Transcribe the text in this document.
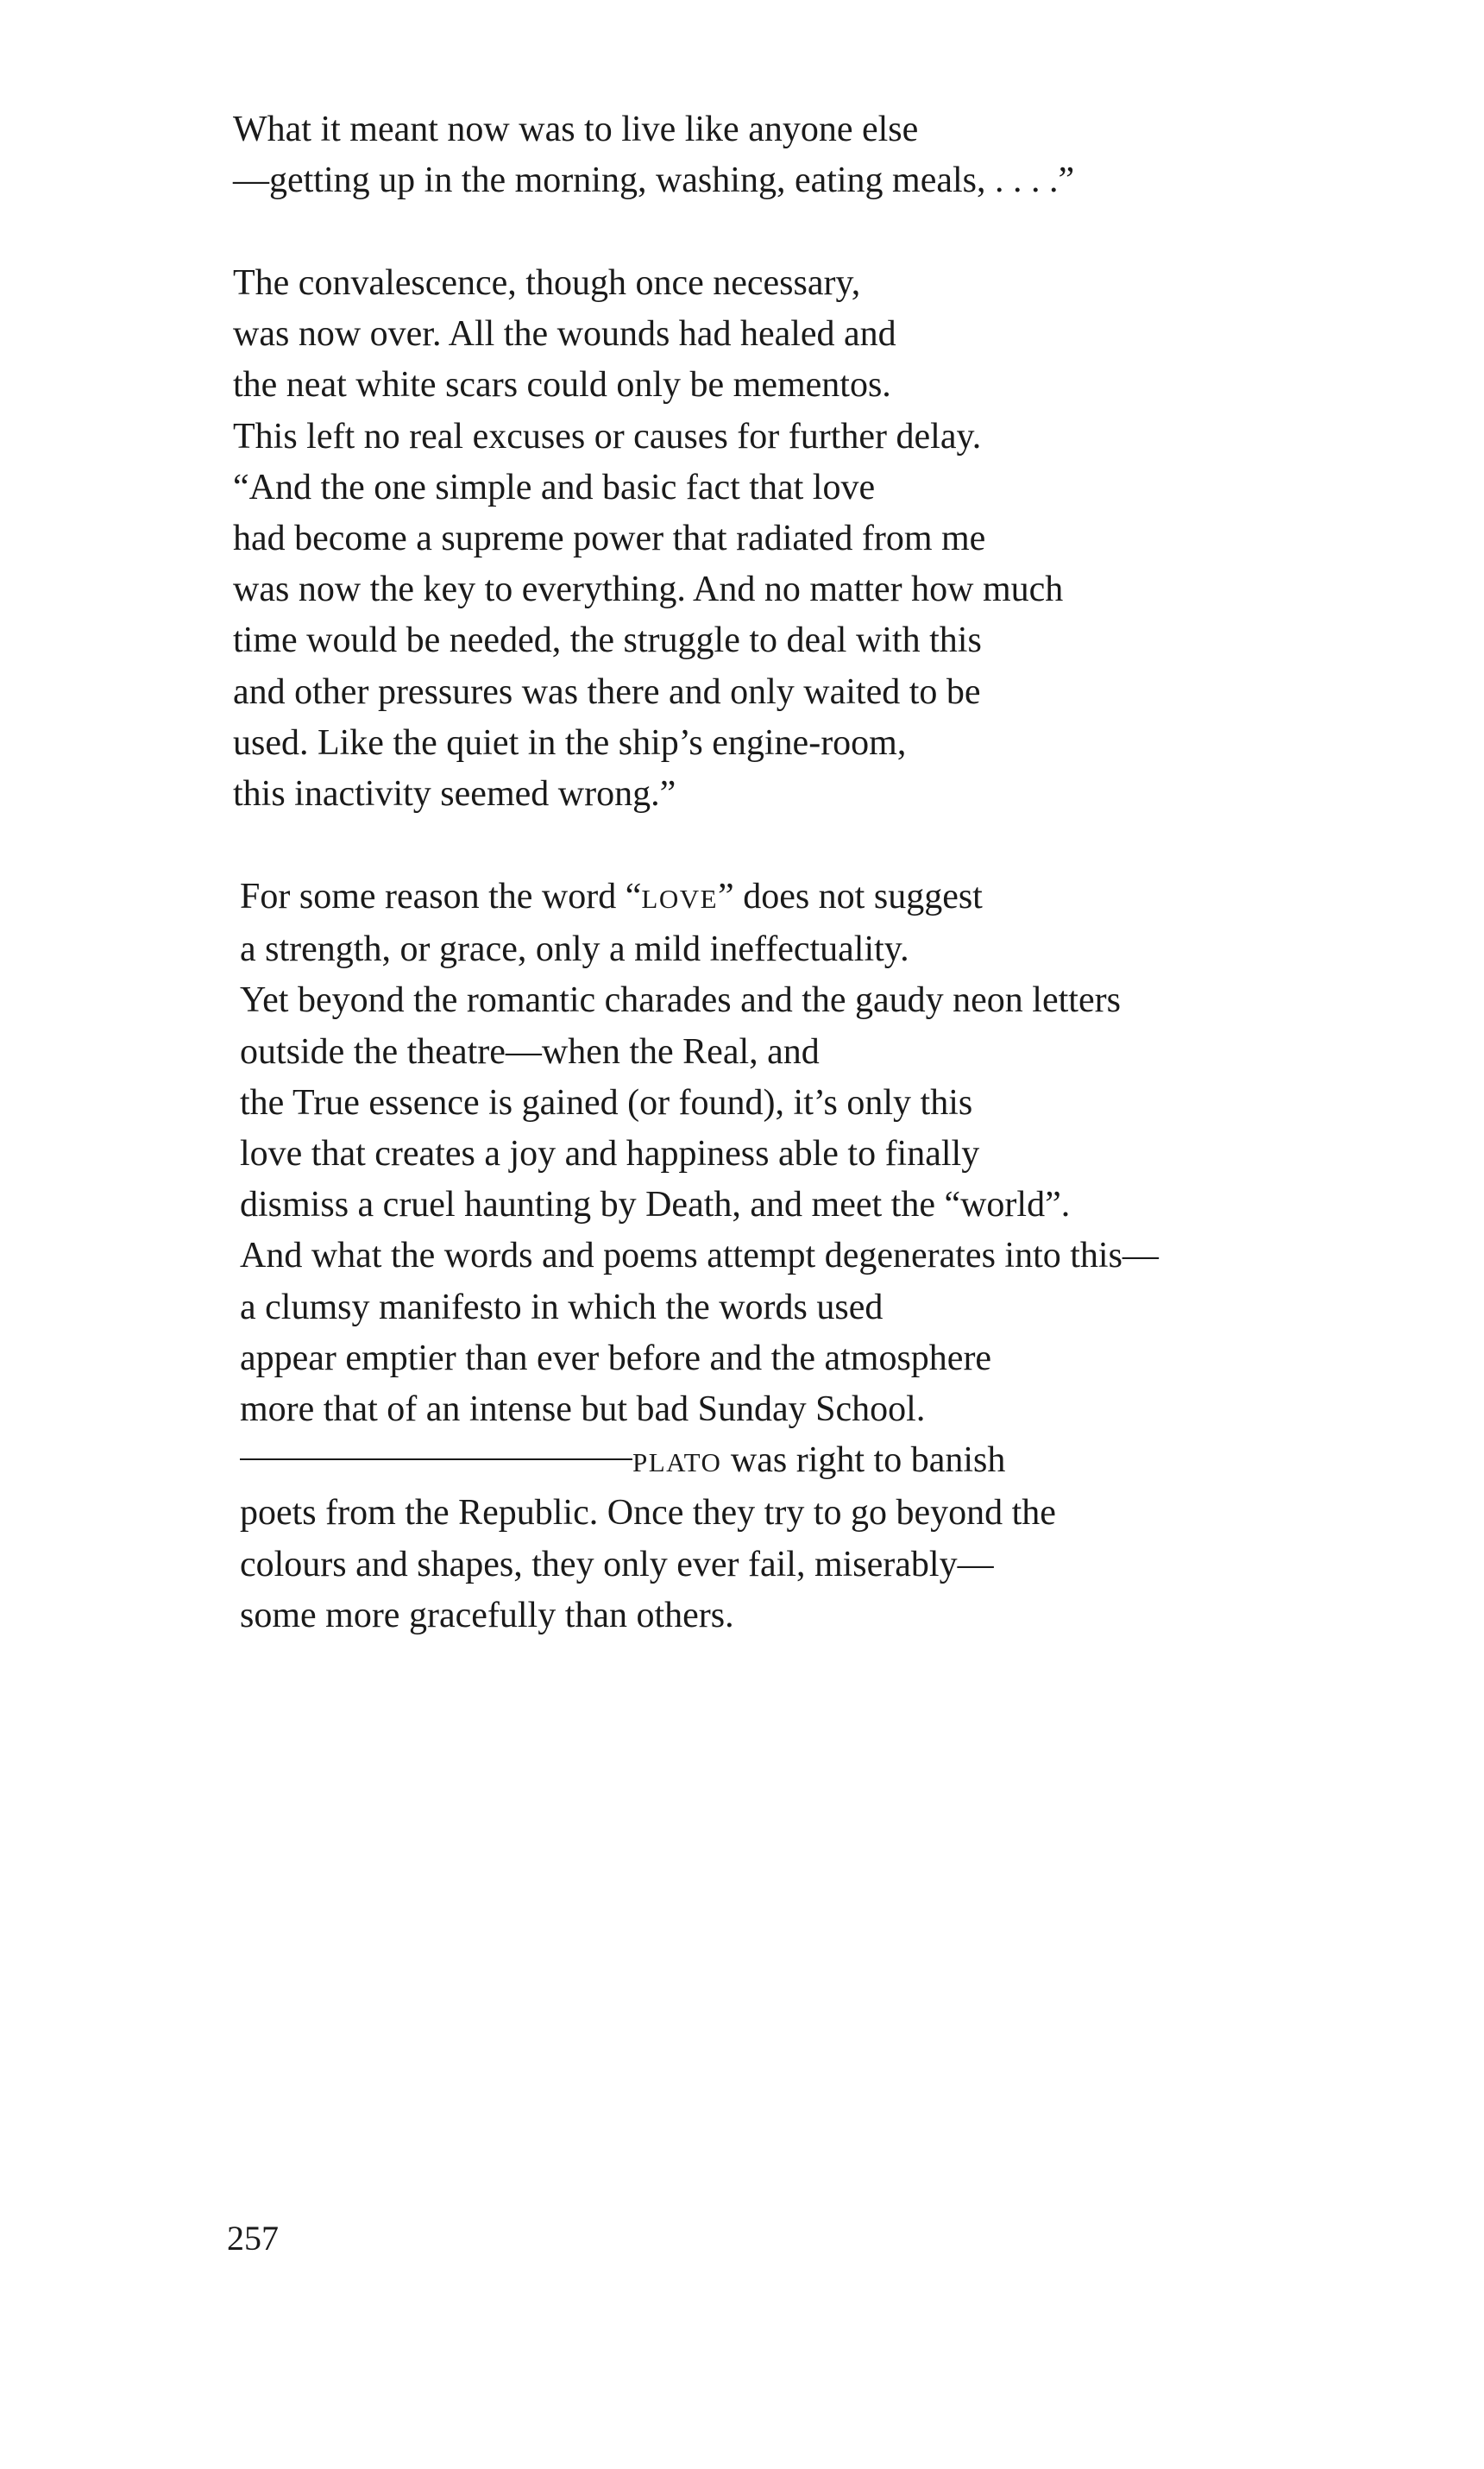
What it meant now was to live like anyone else
—getting up in the morning, washing, eating meals, . . . .”
The convalescence, though once necessary,
was now over. All the wounds had healed and
the neat white scars could only be mementos.
This left no real excuses or causes for further delay.
“And the one simple and basic fact that love
had become a supreme power that radiated from me
was now the key to everything. And no matter how much
time would be needed, the struggle to deal with this
and other pressures was there and only waited to be
used. Like the quiet in the ship’s engine-room,
this inactivity seemed wrong.”
For some reason the word “LOVE” does not suggest
a strength, or grace, only a mild ineffectuality.
Yet beyond the romantic charades and the gaudy neon letters
outside the theatre—when the Real, and
the True essence is gained (or found), it’s only this
love that creates a joy and happiness able to finally
dismiss a cruel haunting by Death, and meet the “world”.
And what the words and poems attempt degenerates into this—
a clumsy manifesto in which the words used
appear emptier than ever before and the atmosphere
more that of an intense but bad Sunday School.
PLATO was right to banish
poets from the Republic. Once they try to go beyond the
colours and shapes, they only ever fail, miserably—
some more gracefully than others.
257
